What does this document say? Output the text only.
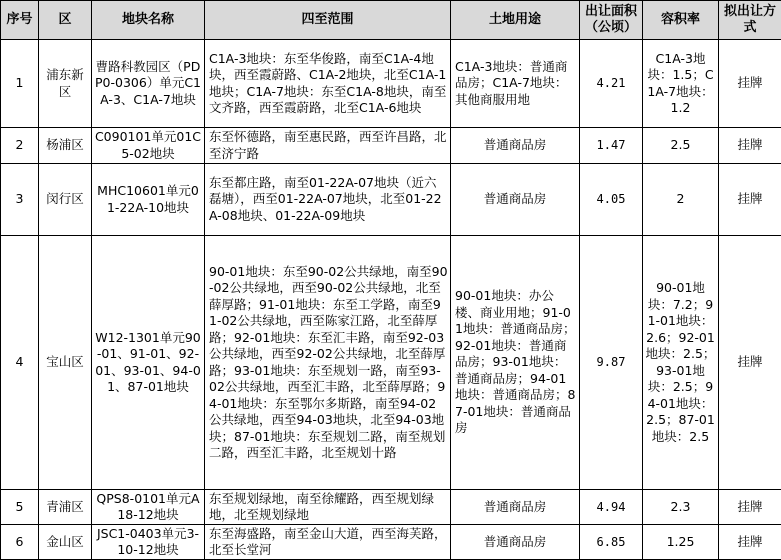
序号	区	地块名称	四至范围	土地用途	出让面积（公顷）	容积率	拟出让方式
1	浦东新区	曹路科教园区（PDP0-0306）单元C1A-3、C1A-7地块	C1A-3地块：东至华俊路，南至C1A-4地块，西至霞蔚路、C1A-2地块，北至C1A-1地块；C1A-7地块：东至C1A-8地块，南至文齐路，西至霞蔚路，北至C1A-6地块	C1A-3地块：普通商品房；C1A-7地块：其他商服用地	4.21	C1A-3地块：1.5；C1A-7地块：1.2	挂牌
2	杨浦区	C090101单元01C5-02地块	东至怀德路，南至惠民路，西至许昌路，北至济宁路	普通商品房	1.47	2.5	挂牌
3	闵行区	MHC10601单元01-22A-10地块	东至都庄路，南至01-22A-07地块（近六磊塘），西至01-22A-07地块，北至01-22A-08地块、01-22A-09地块	普通商品房	4.05	2	挂牌
4	宝山区	W12-1301单元90-01、91-01、92-01、93-01、94-01、87-01地块	90-01地块：东至90-02公共绿地，南至90-02公共绿地，西至90-02公共绿地，北至薛厚路；91-01地块：东至工学路，南至91-02公共绿地，西至陈家江路，北至薛厚路；92-01地块：东至汇丰路，南至92-03公共绿地，西至92-02公共绿地，北至薛厚路；93-01地块：东至规划一路，南至93-02公共绿地，西至汇丰路，北至薛厚路；94-01地块：东至鄂尔多斯路，南至94-02公共绿地，西至94-03地块，北至94-03地块；87-01地块：东至规划二路，南至规划二路，西至汇丰路，北至规划十路	90-01地块：办公楼、商业用地；91-01地块：普通商品房；92-01地块：普通商品房；93-01地块：普通商品房；94-01地块：普通商品房；87-01地块：普通商品房	9.87	90-01地块：7.2；91-01地块：2.6；92-01地块：2.5；93-01地块：2.5；94-01地块：2.5；87-01地块：2.5	挂牌
5	青浦区	QPS8-0101单元A18-12地块	东至规划绿地，南至徐耀路，西至规划绿地，北至规划绿地	普通商品房	4.94	2.3	挂牌
6	金山区	JSC1-0403单元3-10-12地块	东至海盛路，南至金山大道，西至海芙路，北至长堂河	普通商品房	6.85	1.25	挂牌
